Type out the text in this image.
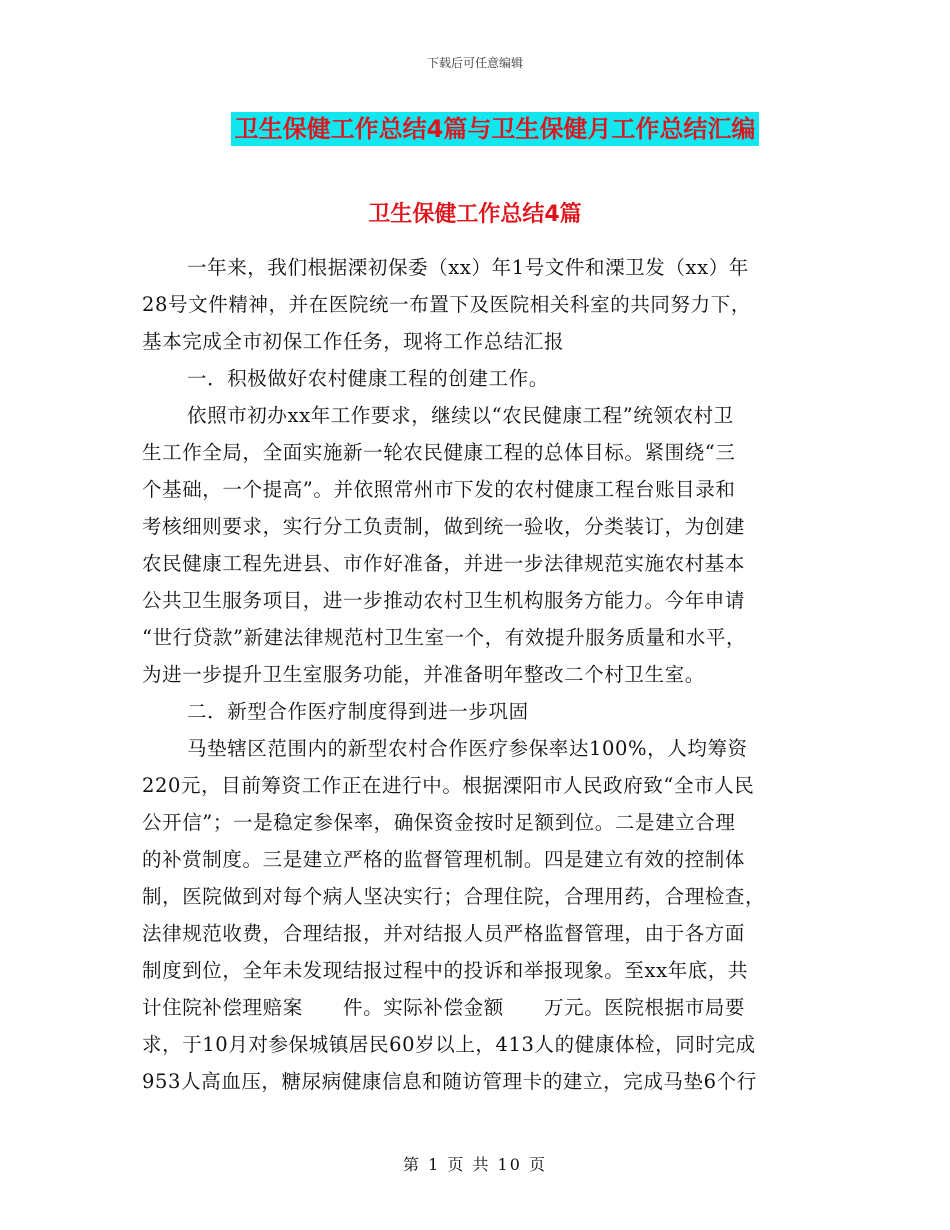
下载后可任意编辑
卫生保健工作总结4篇与卫生保健月工作总结汇编
卫生保健工作总结4篇
一年来，我们根据溧初保委（xx）年1号文件和溧卫发（xx）年
28号文件精神，并在医院统一布置下及医院相关科室的共同努力下，
基本完成全市初保工作任务，现将工作总结汇报
一．积极做好农村健康工程的创建工作。
依照市初办xx年工作要求，继续以“农民健康工程”统领农村卫
生工作全局，全面实施新一轮农民健康工程的总体目标。紧围绕“三
个基础，一个提高”。并依照常州市下发的农村健康工程台账目录和
考核细则要求，实行分工负责制，做到统一验收，分类装订，为创建
农民健康工程先进县、市作好准备，并进一步法律规范实施农村基本
公共卫生服务项目，进一步推动农村卫生机构服务方能力。今年申请
“世行贷款”新建法律规范村卫生室一个，有效提升服务质量和水平，
为进一步提升卫生室服务功能，并准备明年整改二个村卫生室。
二．新型合作医疗制度得到进一步巩固
马垫辖区范围内的新型农村合作医疗参保率达100%，人均筹资
220元，目前筹资工作正在进行中。根据溧阳市人民政府致“全市人民
公开信”；一是稳定参保率，确保资金按时足额到位。二是建立合理
的补赏制度。三是建立严格的监督管理机制。四是建立有效的控制体
制，医院做到对每个病人坚决实行；合理住院，合理用药，合理检查，
法律规范收费，合理结报，并对结报人员严格监督管理，由于各方面
制度到位，全年未发现结报过程中的投诉和举报现象。至xx年底，共
计住院补偿理赔案　　件。实际补偿金额　　万元。医院根据市局要
求，于10月对参保城镇居民60岁以上，413人的健康体检，同时完成
953人高血压，糖尿病健康信息和随访管理卡的建立，完成马垫6个行
第 1 页 共 10 页
